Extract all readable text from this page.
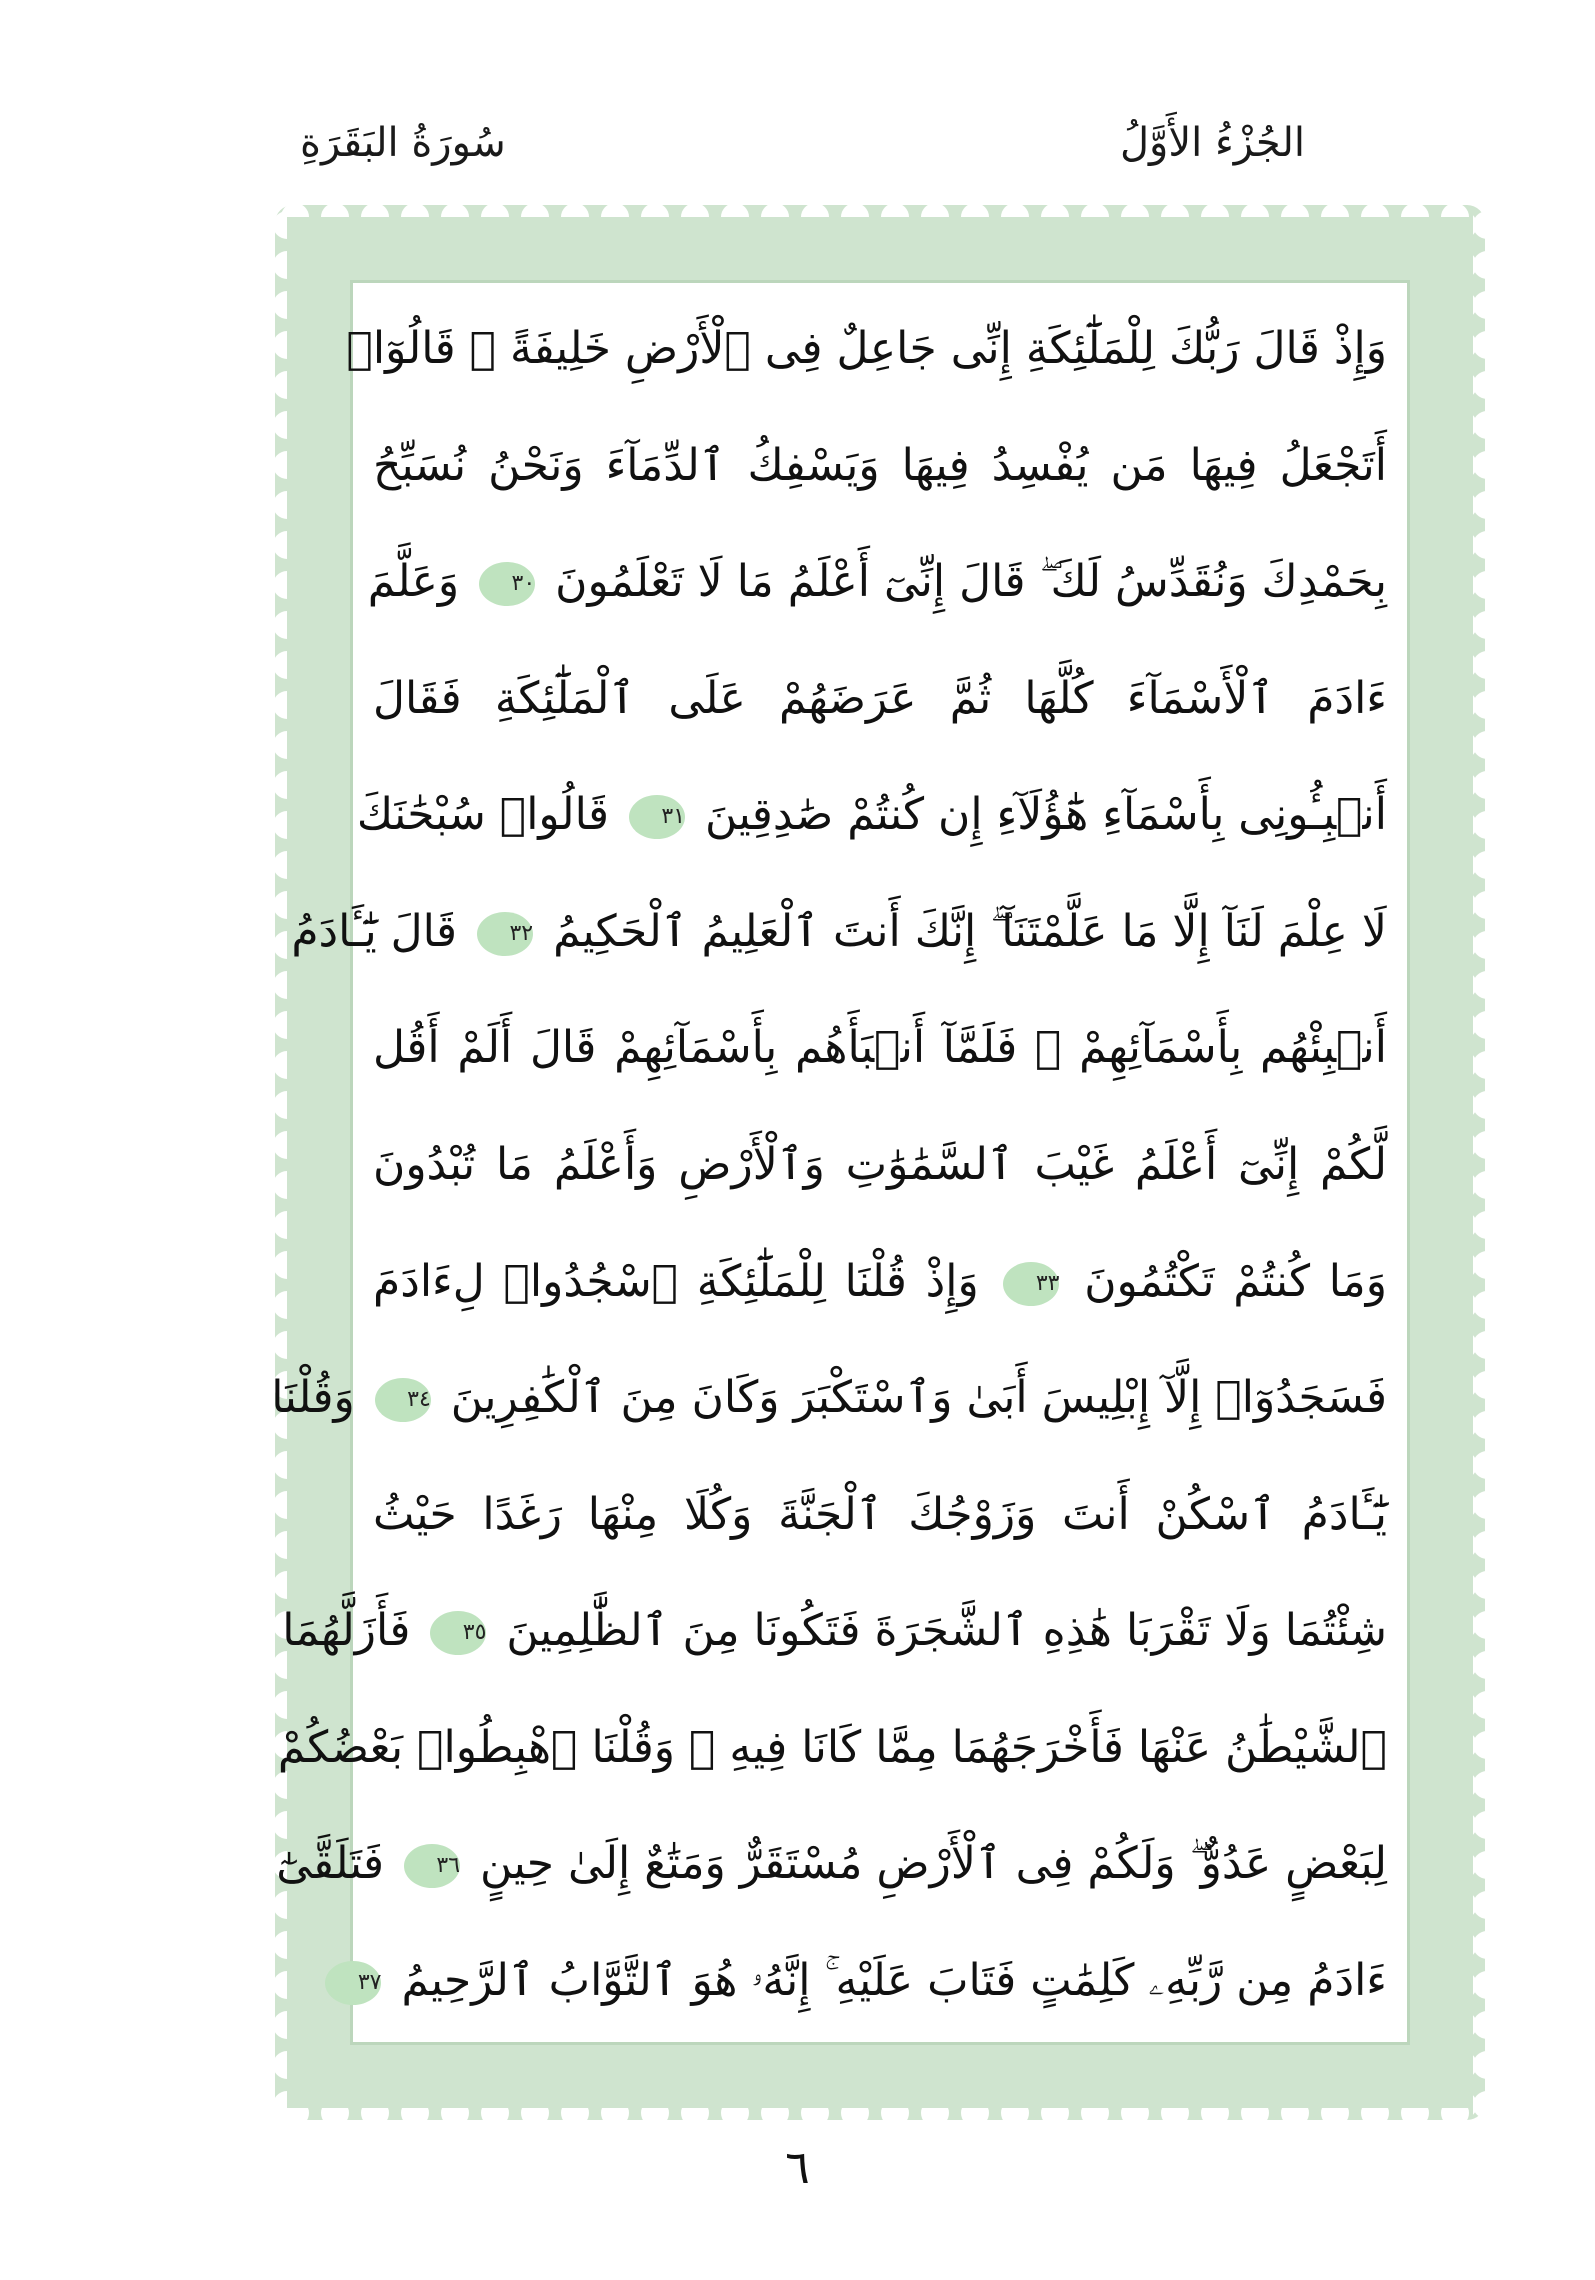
سُورَةُ البَقَرَةِ	الجُزْءُ الأَوَّلُ
وَإِذْ قَالَ رَبُّكَ لِلْمَلَٰٓئِكَةِ إِنِّى جَاعِلٌ فِى ٱلْأَرْضِ خَلِيفَةً ۖ قَالُوٓا۟
أَتَجْعَلُ فِيهَا مَن يُفْسِدُ فِيهَا وَيَسْفِكُ ٱلدِّمَآءَ وَنَحْنُ نُسَبِّحُ
بِحَمْدِكَ وَنُقَدِّسُ لَكَ ۖ قَالَ إِنِّىٓ أَعْلَمُ مَا لَا تَعْلَمُونَ ٣٠ وَعَلَّمَ
ءَادَمَ ٱلْأَسْمَآءَ كُلَّهَا ثُمَّ عَرَضَهُمْ عَلَى ٱلْمَلَٰٓئِكَةِ فَقَالَ
أَنۢبِـُٔونِى بِأَسْمَآءِ هَٰٓؤُلَآءِ إِن كُنتُمْ صَٰدِقِينَ ٣١ قَالُوا۟ سُبْحَٰنَكَ
لَا عِلْمَ لَنَآ إِلَّا مَا عَلَّمْتَنَآ ۖ إِنَّكَ أَنتَ ٱلْعَلِيمُ ٱلْحَكِيمُ ٣٢ قَالَ يَٰٓـَٔادَمُ
أَنۢبِئْهُم بِأَسْمَآئِهِمْ ۖ فَلَمَّآ أَنۢبَأَهُم بِأَسْمَآئِهِمْ قَالَ أَلَمْ أَقُل
لَّكُمْ إِنِّىٓ أَعْلَمُ غَيْبَ ٱلسَّمَٰوَٰتِ وَٱلْأَرْضِ وَأَعْلَمُ مَا تُبْدُونَ
وَمَا كُنتُمْ تَكْتُمُونَ ٣٣ وَإِذْ قُلْنَا لِلْمَلَٰٓئِكَةِ ٱسْجُدُوا۟ لِءَادَمَ
فَسَجَدُوٓا۟ إِلَّآ إِبْلِيسَ أَبَىٰ وَٱسْتَكْبَرَ وَكَانَ مِنَ ٱلْكَٰفِرِينَ ٣٤ وَقُلْنَا
يَٰٓـَٔادَمُ ٱسْكُنْ أَنتَ وَزَوْجُكَ ٱلْجَنَّةَ وَكُلَا مِنْهَا رَغَدًا حَيْثُ
شِئْتُمَا وَلَا تَقْرَبَا هَٰذِهِ ٱلشَّجَرَةَ فَتَكُونَا مِنَ ٱلظَّٰلِمِينَ ٣٥ فَأَزَلَّهُمَا
ٱلشَّيْطَٰنُ عَنْهَا فَأَخْرَجَهُمَا مِمَّا كَانَا فِيهِ ۖ وَقُلْنَا ٱهْبِطُوا۟ بَعْضُكُمْ
لِبَعْضٍ عَدُوٌّ ۖ وَلَكُمْ فِى ٱلْأَرْضِ مُسْتَقَرٌّ وَمَتَٰعٌ إِلَىٰ حِينٍ ٣٦ فَتَلَقَّىٰٓ
ءَادَمُ مِن رَّبِّهِۦ كَلِمَٰتٍ فَتَابَ عَلَيْهِ ۚ إِنَّهُۥ هُوَ ٱلتَّوَّابُ ٱلرَّحِيمُ ٣٧
٦
